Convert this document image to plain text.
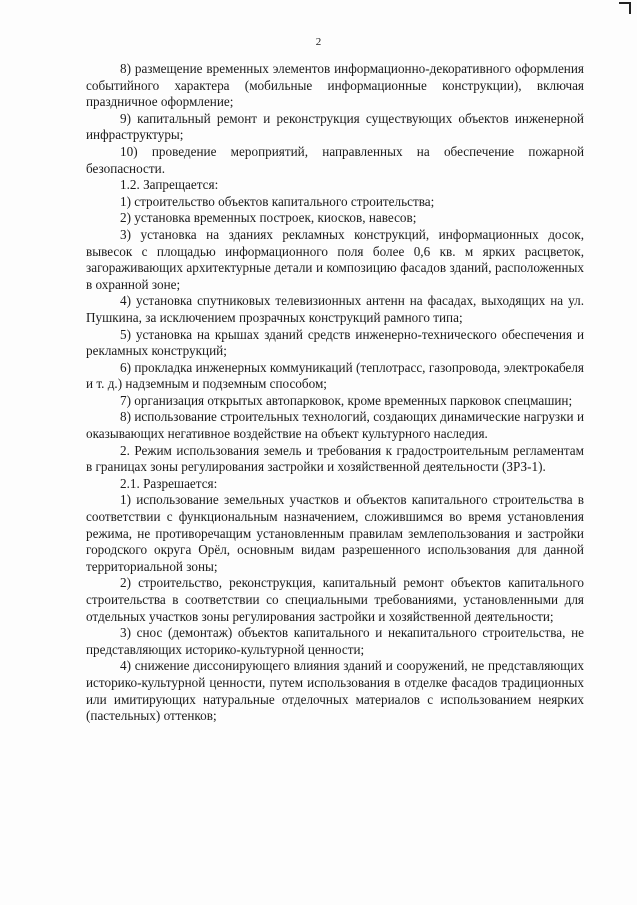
2

8) размещение временных элементов информационно-декоративного оформления событийного характера (мобильные информационные конструкции), включая праздничное оформление;

9) капитальный ремонт и реконструкция существующих объектов инженерной инфраструктуры;

10) проведение мероприятий, направленных на обеспечение пожарной безопасности.

1.2. Запрещается:

1) строительство объектов капитального строительства;

2) установка временных построек, киосков, навесов;

3) установка на зданиях рекламных конструкций, информационных досок, вывесок с площадью информационного поля более 0,6 кв. м ярких расцветок, загораживающих архитектурные детали и композицию фасадов зданий, расположенных в охранной зоне;

4) установка спутниковых телевизионных антенн на фасадах, выходящих на ул. Пушкина, за исключением прозрачных конструкций рамного типа;

5) установка на крышах зданий средств инженерно-технического обеспечения и рекламных конструкций;

6) прокладка инженерных коммуникаций (теплотрасс, газопровода, электрокабеля и т. д.) надземным и подземным способом;

7) организация открытых автопарковок, кроме временных парковок спецмашин;

8) использование строительных технологий, создающих динамические нагрузки и оказывающих негативное воздействие на объект культурного наследия.

2. Режим использования земель и требования к градостроительным регламентам в границах зоны регулирования застройки и хозяйственной деятельности (ЗРЗ-1).

2.1. Разрешается:

1) использование земельных участков и объектов капитального строительства в соответствии с функциональным назначением, сложившимся во время установления режима, не противоречащим установленным правилам землепользования и застройки городского округа Орёл, основным видам разрешенного использования для данной территориальной зоны;

2) строительство, реконструкция, капитальный ремонт объектов капитального строительства в соответствии со специальными требованиями, установленными для отдельных участков зоны регулирования застройки и хозяйственной деятельности;

3) снос (демонтаж) объектов капитального и некапитального строительства, не представляющих историко-культурной ценности;

4) снижение диссонирующего влияния зданий и сооружений, не представляющих историко-культурной ценности, путем использования в отделке фасадов традиционных или имитирующих натуральные отделочных материалов с использованием неярких (пастельных) оттенков;
